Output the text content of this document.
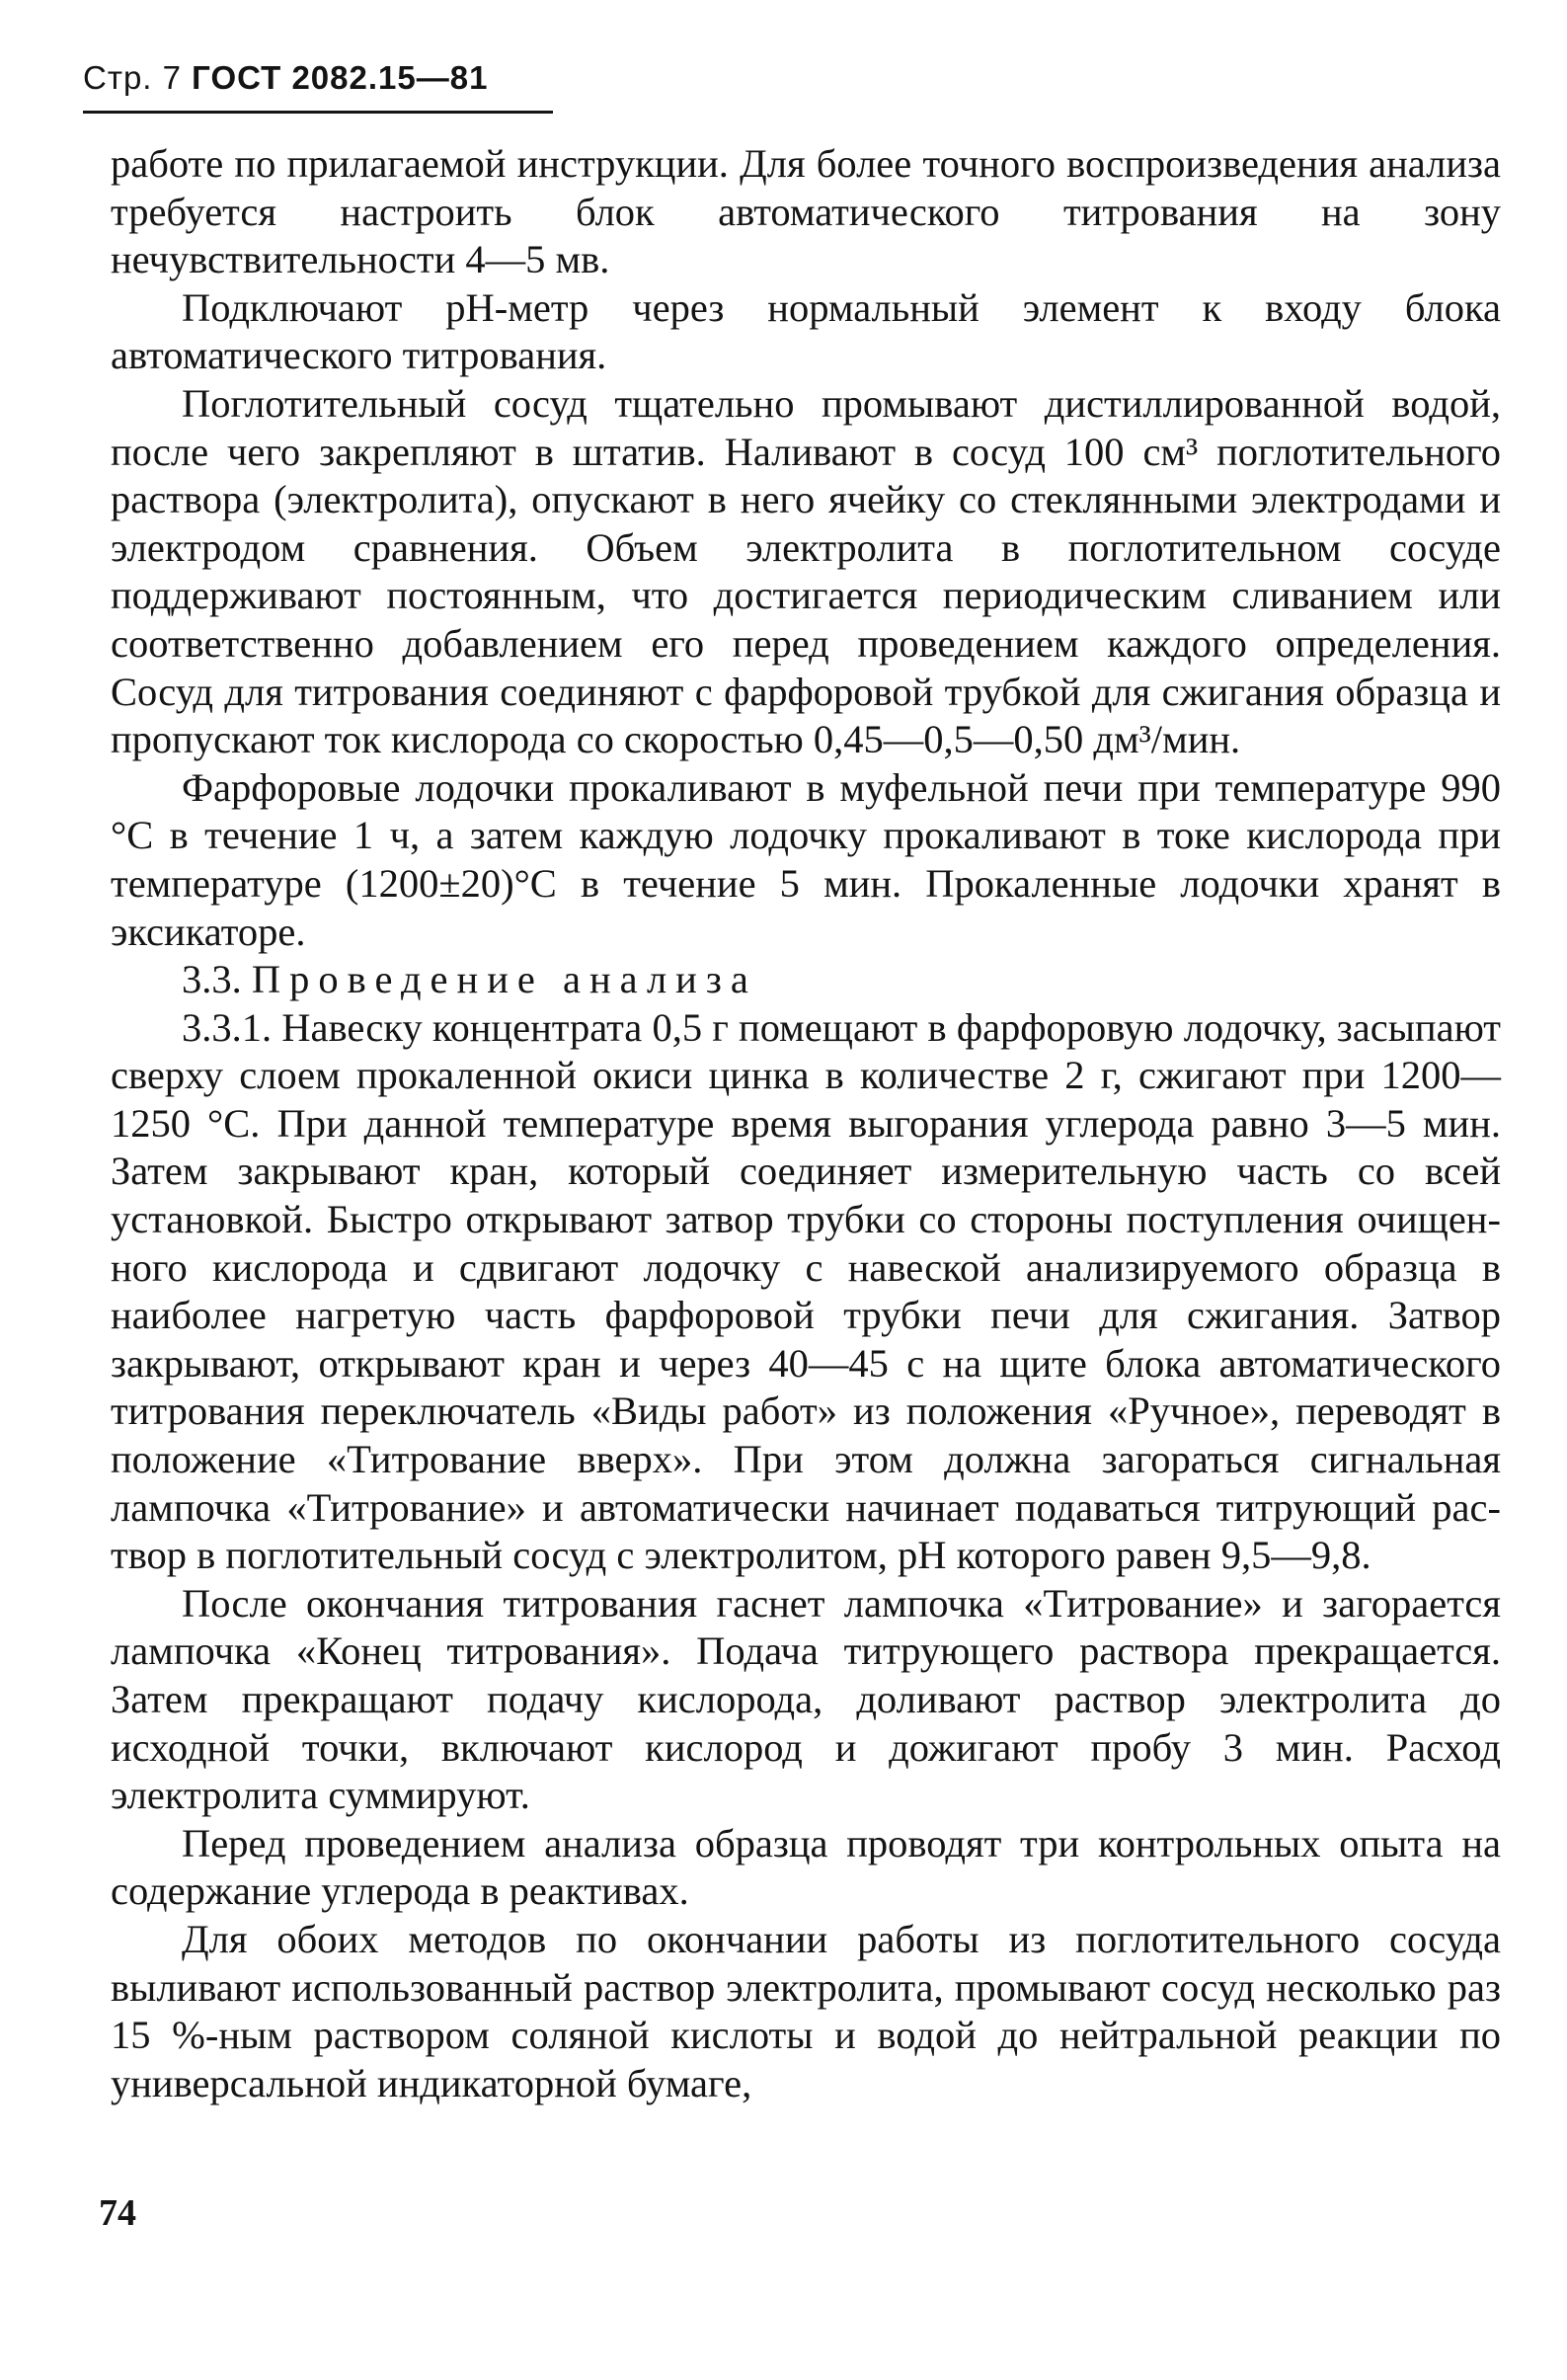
Стр. 7 ГОСТ 2082.15—81

работе по прилагаемой инструкции. Для более точного воспроизведения анализа требуется настроить блок автоматического титрования на зону нечувствительности 4—5 мв.

Подключают pH-метр через нормальный элемент к входу блока автоматического титрования.

Поглотительный сосуд тщательно промывают дистиллированной водой, после чего закрепляют в штатив. Наливают в сосуд 100 см³ поглотительного раствора (электролита), опускают в него ячейку со стеклянными электродами и электродом сравнения. Объем электролита в поглотительном сосуде поддерживают постоянным, что достигается периодическим сливанием или соответственно добавлением его перед проведением каждого определения. Сосуд для титрования соединяют с фарфоровой трубкой для сжигания образца и пропускают ток кислорода со скоростью 0,45—0,5—0,50 дм³/мин.

Фарфоровые лодочки прокаливают в муфельной печи при температуре 990 °С в течение 1 ч, а затем каждую лодочку прокаливают в токе кислорода при температуре (1200±20)°С в течение 5 мин. Прокаленные лодочки хранят в эксикаторе.

3.3. Проведение анализа

3.3.1. Навеску концентрата 0,5 г помещают в фарфоровую лодочку, засыпают сверху слоем прокаленной окиси цинка в количестве 2 г, сжигают при 1200—1250 °С. При данной температуре время выгорания углерода равно 3—5 мин. Затем закрывают кран, который соединяет измерительную часть со всей установкой. Быстро открывают затвор трубки со стороны поступления очищенного кислорода и сдвигают лодочку с навеской анализируемого образца в наиболее нагретую часть фарфоровой трубки печи для сжигания. Затвор закрывают, открывают кран и через 40—45 с на щите блока автоматического титрования переключатель «Виды работ» из положения «Ручное», переводят в положение «Титрование вверх». При этом должна загораться сигнальная лампочка «Титрование» и автоматически начинает подаваться титрующий раствор в поглотительный сосуд с электролитом, pH которого равен 9,5—9,8.

После окончания титрования гаснет лампочка «Титрование» и загорается лампочка «Конец титрования». Подача титрующего раствора прекращается. Затем прекращают подачу кислорода, доливают раствор электролита до исходной точки, включают кислород и дожигают пробу 3 мин. Расход электролита суммируют.

Перед проведением анализа образца проводят три контрольных опыта на содержание углерода в реактивах.

Для обоих методов по окончании работы из поглотительного сосуда выливают использованный раствор электролита, промывают сосуд несколько раз 15 %-ным раствором соляной кислоты и водой до нейтральной реакции по универсальной индикаторной бумаге,

74
